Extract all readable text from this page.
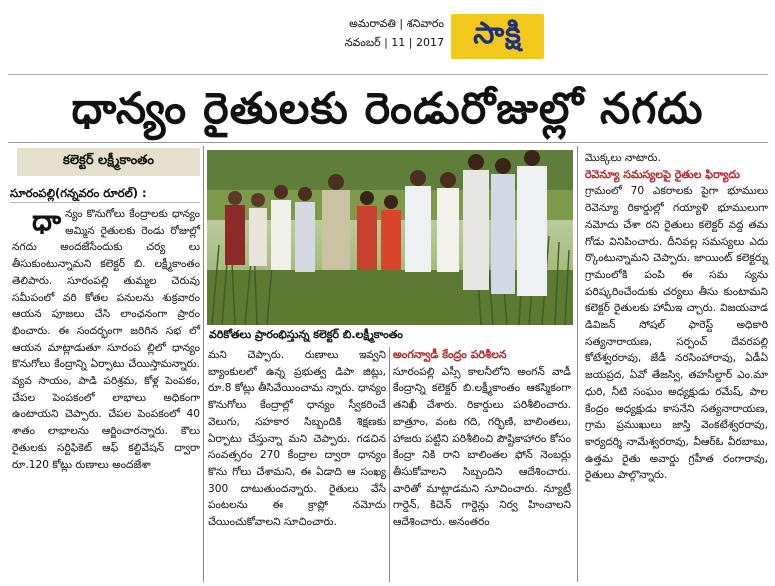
అమరావతి | శనివారం
నవంబర్ | 11 | 2017 సాక్షి
ధాన్యం రైతులకు రెండురోజుల్లో నగదు
కలెక్టర్ లక్ష్మీకాంతం
సూరంపల్లి(గన్నవరం రూరల్) :
ధా న్యం కొనుగోలు కేంద్రాలకు ధాన్యం అమ్మిన రైతులకు రెండు రోజుల్లో నగదు అందజేసేందుకు చర్య లు తీసుకుంటున్నామని కలెక్టర్ బి. లక్ష్మీకాంతం తెలిపారు. సూరంపల్లి తుమ్మల చెరువు సమీపంలో వరి కోతల పనులను శుక్రవారం ఆయన పూజలు చేసి లాంఛనంగా ప్రారం భించారు. ఈ సందర్భంగా జరిగిన సభ లో ఆయన మాట్లాడుతూ సూరంప ల్లిలో ధాన్యం కొనుగోలు కేంద్రాన్ని ఏర్పాటు చేయిస్తామన్నారు. వ్యవ సాయం, పాడి పరిశ్రమ, కోళ్ల పెంపకం, చేపల పెంపకంలో లాభాలు అధికంగా ఉంటాయని చెప్పారు. చేపల పెంపకంలో 40 శాతం లాభాలను ఆర్జించారన్నారు. కౌలు రైతులకు సర్టిఫికెట్ ఆఫ్ కల్టివేషన్ ద్వారా రూ.120 కోట్లు రుణాలు అందజేశా
వరికోతలు ప్రారంభిస్తున్న కలెక్టర్ బి.లక్ష్మీకాంతం
మని చెప్పారు. రుణాలు ఇవ్వని బ్యాంకులలో ఉన్న ప్రభుత్వ డిపా జిట్లు, రూ.8 కోట్లు తీసివేయించామ న్నారు. ధాన్యం కొనుగోలు కేంద్రాల్లో ధాన్యం స్వీకరించే వెలుగు, సహకార సిబ్బందికి శిక్షణకు ఏర్పాటు చేస్తున్నా మని చెప్పారు. గడచిన సంవత్సరం 270 కేంద్రాల ద్వారా ధాన్యం కొను గోలు చేశామని, ఈ ఏడాది ఆ సంఖ్య 300 దాటుతుందన్నారు. రైతులు వేసే పంటలను ఈ క్రాప్లో నమోదు చేయించుకోవాలని సూచించారు.
అంగన్వాడీ కేంద్రం పరిశీలన
సూరంపల్లి ఎస్సీ కాలనీలోని అంగన్ వాడీ కేంద్రాన్ని కలెక్టర్ బి.లక్ష్మీకాంతం ఆకస్మికంగా తనిఖీ చేశారు. రికార్డులు పరిశీలించారు. బాత్రూం, వంట గది, గర్భిణి, బాలింతలు, హాజరు పట్టిని పరిశీలించి పౌష్టికాహారం కోసం కేంద్రా నికి రాని బాలింతల ఫోన్ నెంబర్లు తీసుకోవాలని సిబ్బందిని ఆదేశించారు. వారితో మాట్లాడమని సూచించారు. న్యూట్రీ గార్డెన్, కిచెన్ గార్డెన్లు నిర్వ హించాలని ఆదేశించారు. అనంతరం
మొక్కలు నాటారు.
రెవెన్యూ సమస్యలపై రైతుల ఫిర్యాదు
గ్రామంలో 70 ఎకరాలకు పైగా భూములు రెవెన్యూ రికార్డుల్లో గయ్యాళి భూములుగా నమోదు చేశా రని రైతులు కలెక్టర్ వద్ద తమ గోడు వినిపించారు. దీనివల్ల సమస్యలు ఎదు ర్కొంటున్నామని చెప్పారు. జాయింట్ కలెక్టర్ను గ్రామంలోకి పంపి ఈ సమ స్యను పరిష్కరించేందుకు చర్యలు తీసు కుంటామని కలెక్టర్ రైతులకు హామీఇ చ్చారు. విజయవాడ డివిజన్ సోషల్ ఫారెస్ట్ అధికారి సత్యనారాయణ, సర్పంచ్ దేవరపల్లి కోటేశ్వరరావు, జేడీ నరసింహారావు, ఏడీఏ జయప్రద, ఏవో తేజస్వి, తహసీల్దార్ ఎం.మా ధురి, నీటి సంఘం అధ్యక్షుడు రమేష్, పాల కేంద్రం అధ్యక్షుడు కాసనేని సత్యనారాయణ, గ్రామ ప్రముఖులు జాస్తి వెంకటేశ్వరరావు, కార్యదర్శి నామేశ్వరరావు, వీఆర్ఓ వీరబాబు, ఉత్తమ రైతు అవార్డు గ్రహీత రంగారావు, రైతులు పాల్గొన్నారు.
